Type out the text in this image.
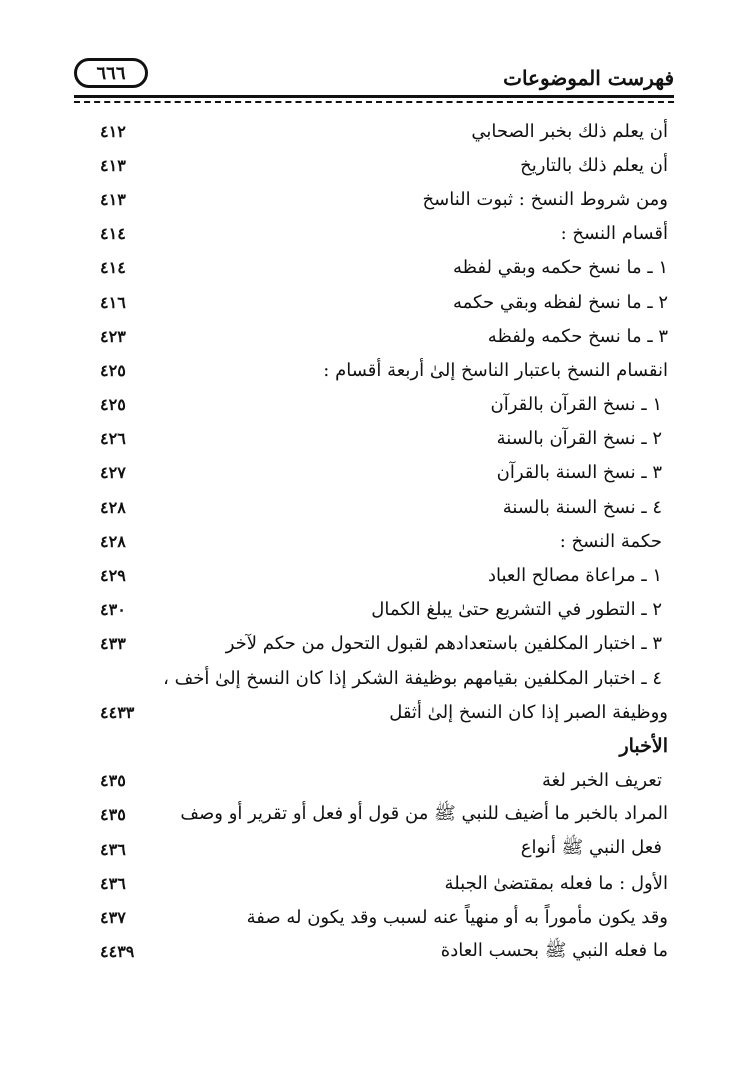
٦٦٦	فهرست الموضوعات
أن يعلم ذلك بخبر الصحابي
٤١٢
أن يعلم ذلك بالتاريخ
٤١٣
ومن شروط النسخ : ثبوت الناسخ
٤١٣
أقسام النسخ :
٤١٤
١ ـ ما نسخ حكمه وبقي لفظه
٤١٤
٢ ـ ما نسخ لفظه وبقي حكمه
٤١٦
٣ ـ ما نسخ حكمه ولفظه
٤٢٣
انقسام النسخ باعتبار الناسخ إلىٰ أربعة أقسام :
٤٢٥
١ ـ نسخ القرآن بالقرآن
٤٢٥
٢ ـ نسخ القرآن بالسنة
٤٢٦
٣ ـ نسخ السنة بالقرآن
٤٢٧
٤ ـ نسخ السنة بالسنة
٤٢٨
حكمة النسخ :
٤٢٨
١ ـ مراعاة مصالح العباد
٤٢٩
٢ ـ التطور في التشريع حتىٰ يبلغ الكمال
٤٣٠
٣ ـ اختبار المكلفين باستعدادهم لقبول التحول من حكم لآخر
٤٣٣
٤ ـ اختبار المكلفين بقيامهم بوظيفة الشكر إذا كان النسخ إلىٰ أخف ،
ووظيفة الصبر إذا كان النسخ إلىٰ أثقل
٤٤٣٣
الأخبار
تعريف الخبر لغة
٤٣٥
المراد بالخبر ما أضيف للنبي ﷺ من قول أو فعل أو تقرير أو وصف
٤٣٥
فعل النبي ﷺ أنواع
٤٣٦
الأول : ما فعله بمقتضىٰ الجبلة
٤٣٦
وقد يكون مأموراً به أو منهياً عنه لسبب وقد يكون له صفة
٤٣٧
ما فعله النبي ﷺ بحسب العادة
٤٤٣٩
